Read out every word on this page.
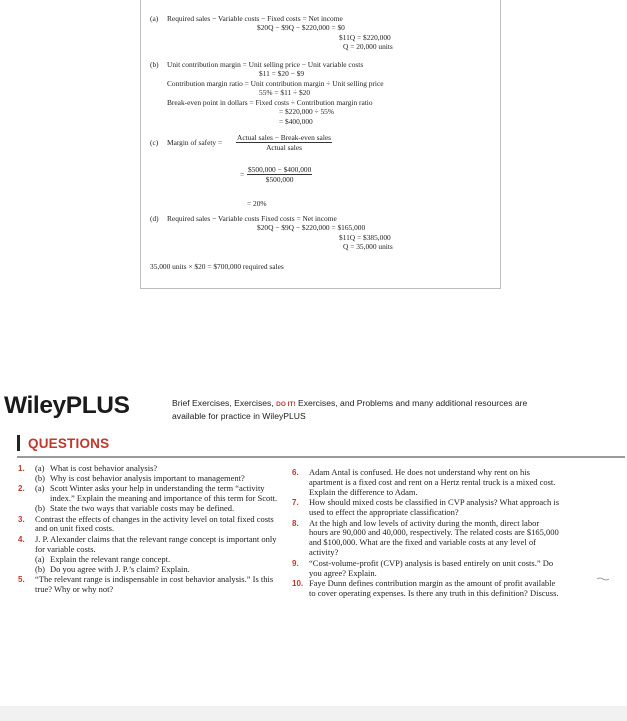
(a) Required sales − Variable costs − Fixed costs = Net income
$20Q − $9Q − $220,000 = $0
$11Q = $220,000
Q = 20,000 units
(b) Unit contribution margin = Unit selling price − Unit variable costs
$11 = $20 − $9
Contribution margin ratio = Unit contribution margin ÷ Unit selling price
55% = $11 ÷ $20
Break-even point in dollars = Fixed costs ÷ Contribution margin ratio
= $220,000 ÷ 55%
= $400,000
(c) Margin of safety =
Actual sales − Break-even sales
Actual sales
= $\frac{\$500,000 - \$400,000}{\$500,000}$
= 20%
(d) Required sales − Variable costs Fixed costs = Net income
$20Q − $9Q − $220,000 = $165,000
$11Q = $385,000
Q = 35,000 units
35,000 units × $20 = $700,000 required sales
WileyPLUS	Brief Exercises, Exercises, DO IT! Exercises, and Problems and many additional resources are available for practice in WileyPLUS
QUESTIONS
1. (a) What is cost behavior analysis?
(b) Why is cost behavior analysis important to management?
2. (a) Scott Winter asks your help in understanding the term “activity index.” Explain the meaning and importance of this term for Scott.
(b) State the two ways that variable costs may be defined.
3. Contrast the effects of changes in the activity level on total fixed costs and on unit fixed costs.
4. J. P. Alexander claims that the relevant range concept is important only for variable costs.
(a) Explain the relevant range concept.
(b) Do you agree with J. P.’s claim? Explain.
5. “The relevant range is indispensable in cost behavior analysis.” Is this true? Why or why not?
6. Adam Antal is confused. He does not understand why rent on his apartment is a fixed cost and rent on a Hertz rental truck is a mixed cost. Explain the difference to Adam.
7. How should mixed costs be classified in CVP analysis? What approach is used to effect the appropriate classification?
8. At the high and low levels of activity during the month, direct labor hours are 90,000 and 40,000, respectively. The related costs are $165,000 and $100,000. What are the fixed and variable costs at any level of activity?
9. “Cost-volume-profit (CVP) analysis is based entirely on unit costs.” Do you agree? Explain.
10. Faye Dunn defines contribution margin as the amount of profit available to cover operating expenses. Is there any truth in this definition? Discuss.
